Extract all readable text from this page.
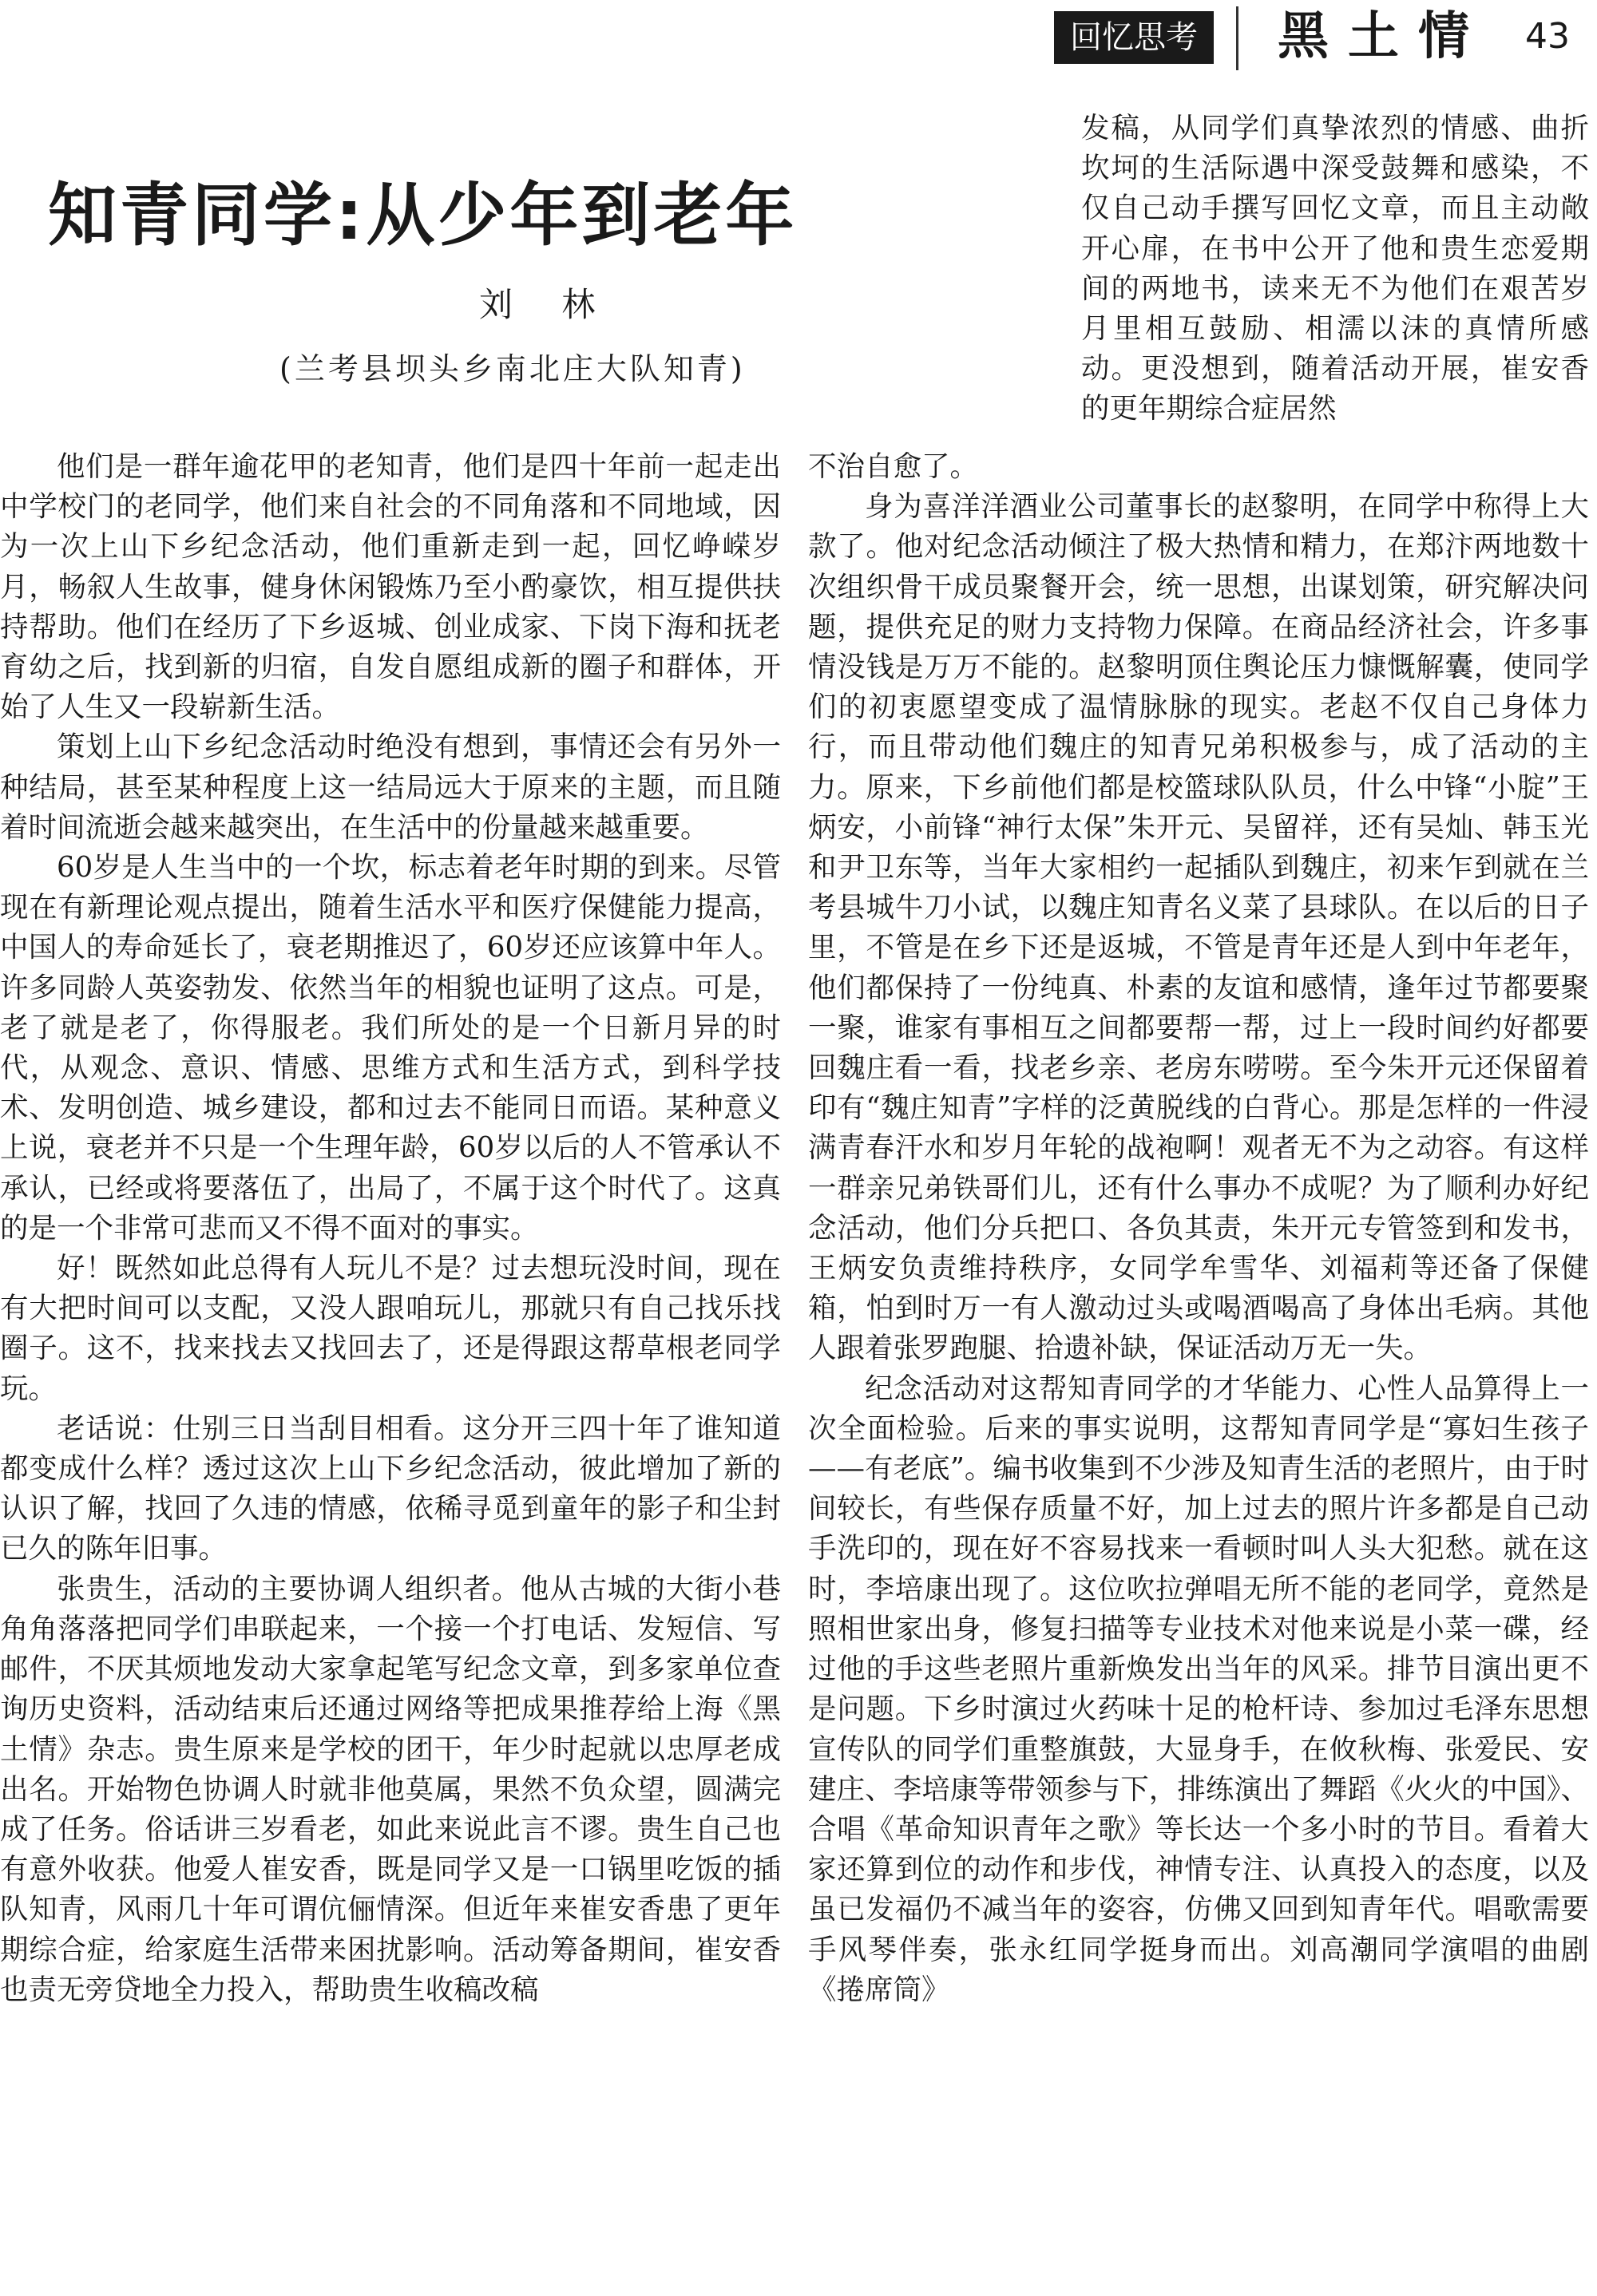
回忆思考	黑土情 43
知青同学:从少年到老年
刘 林
(兰考县坝头乡南北庄大队知青)

发稿，从同学们真挚浓烈的情感、曲折坎坷的生活际遇中深受鼓舞和感染，不仅自己动手撰写回忆文章，而且主动敞开心扉，在书中公开了他和贵生恋爱期间的两地书，读来无不为他们在艰苦岁月里相互鼓励、相濡以沫的真情所感动。更没想到，随着活动开展，崔安香的更年期综合症居然

他们是一群年逾花甲的老知青，他们是四十年前一起走出中学校门的老同学，他们来自社会的不同角落和不同地域，因为一次上山下乡纪念活动，他们重新走到一起，回忆峥嵘岁月，畅叙人生故事，健身休闲锻炼乃至小酌豪饮，相互提供扶持帮助。他们在经历了下乡返城、创业成家、下岗下海和抚老育幼之后，找到新的归宿，自发自愿组成新的圈子和群体，开始了人生又一段崭新生活。

策划上山下乡纪念活动时绝没有想到，事情还会有另外一种结局，甚至某种程度上这一结局远大于原来的主题，而且随着时间流逝会越来越突出，在生活中的份量越来越重要。

60岁是人生当中的一个坎，标志着老年时期的到来。尽管现在有新理论观点提出，随着生活水平和医疗保健能力提高，中国人的寿命延长了，衰老期推迟了，60岁还应该算中年人。许多同龄人英姿勃发、依然当年的相貌也证明了这点。可是，老了就是老了，你得服老。我们所处的是一个日新月异的时代，从观念、意识、情感、思维方式和生活方式，到科学技术、发明创造、城乡建设，都和过去不能同日而语。某种意义上说，衰老并不只是一个生理年龄，60岁以后的人不管承认不承认，已经或将要落伍了，出局了，不属于这个时代了。这真的是一个非常可悲而又不得不面对的事实。

好！既然如此总得有人玩儿不是？过去想玩没时间，现在有大把时间可以支配，又没人跟咱玩儿，那就只有自己找乐找圈子。这不，找来找去又找回去了，还是得跟这帮草根老同学玩。

老话说：仕别三日当刮目相看。这分开三四十年了谁知道都变成什么样？透过这次上山下乡纪念活动，彼此增加了新的认识了解，找回了久违的情感，依稀寻觅到童年的影子和尘封已久的陈年旧事。

张贵生，活动的主要协调人组织者。他从古城的大街小巷角角落落把同学们串联起来，一个接一个打电话、发短信、写邮件，不厌其烦地发动大家拿起笔写纪念文章，到多家单位查询历史资料，活动结束后还通过网络等把成果推荐给上海《黑土情》杂志。贵生原来是学校的团干，年少时起就以忠厚老成出名。开始物色协调人时就非他莫属，果然不负众望，圆满完成了任务。俗话讲三岁看老，如此来说此言不谬。贵生自己也有意外收获。他爱人崔安香，既是同学又是一口锅里吃饭的插队知青，风雨几十年可谓伉俪情深。但近年来崔安香患了更年期综合症，给家庭生活带来困扰影响。活动筹备期间，崔安香也责无旁贷地全力投入，帮助贵生收稿改稿

不治自愈了。

身为喜洋洋酒业公司董事长的赵黎明，在同学中称得上大款了。他对纪念活动倾注了极大热情和精力，在郑汴两地数十次组织骨干成员聚餐开会，统一思想，出谋划策，研究解决问题，提供充足的财力支持物力保障。在商品经济社会，许多事情没钱是万万不能的。赵黎明顶住舆论压力慷慨解囊，使同学们的初衷愿望变成了温情脉脉的现实。老赵不仅自己身体力行，而且带动他们魏庄的知青兄弟积极参与，成了活动的主力。原来，下乡前他们都是校篮球队队员，什么中锋“小腚”王炳安，小前锋“神行太保”朱开元、吴留祥，还有吴灿、韩玉光和尹卫东等，当年大家相约一起插队到魏庄，初来乍到就在兰考县城牛刀小试，以魏庄知青名义菜了县球队。在以后的日子里，不管是在乡下还是返城，不管是青年还是人到中年老年，他们都保持了一份纯真、朴素的友谊和感情，逢年过节都要聚一聚，谁家有事相互之间都要帮一帮，过上一段时间约好都要回魏庄看一看，找老乡亲、老房东唠唠。至今朱开元还保留着印有“魏庄知青”字样的泛黄脱线的白背心。那是怎样的一件浸满青春汗水和岁月年轮的战袍啊！观者无不为之动容。有这样一群亲兄弟铁哥们儿，还有什么事办不成呢？为了顺利办好纪念活动，他们分兵把口、各负其责，朱开元专管签到和发书，王炳安负责维持秩序，女同学牟雪华、刘福莉等还备了保健箱，怕到时万一有人激动过头或喝酒喝高了身体出毛病。其他人跟着张罗跑腿、拾遗补缺，保证活动万无一失。

纪念活动对这帮知青同学的才华能力、心性人品算得上一次全面检验。后来的事实说明，这帮知青同学是“寡妇生孩子——有老底”。编书收集到不少涉及知青生活的老照片，由于时间较长，有些保存质量不好，加上过去的照片许多都是自己动手洗印的，现在好不容易找来一看顿时叫人头大犯愁。就在这时，李培康出现了。这位吹拉弹唱无所不能的老同学，竟然是照相世家出身，修复扫描等专业技术对他来说是小菜一碟，经过他的手这些老照片重新焕发出当年的风采。排节目演出更不是问题。下乡时演过火药味十足的枪杆诗、参加过毛泽东思想宣传队的同学们重整旗鼓，大显身手，在攸秋梅、张爱民、安建庄、李培康等带领参与下，排练演出了舞蹈《火火的中国》、合唱《革命知识青年之歌》等长达一个多小时的节目。看着大家还算到位的动作和步伐，神情专注、认真投入的态度，以及虽已发福仍不减当年的姿容，仿佛又回到知青年代。唱歌需要手风琴伴奏，张永红同学挺身而出。刘高潮同学演唱的曲剧《捲席筒》
